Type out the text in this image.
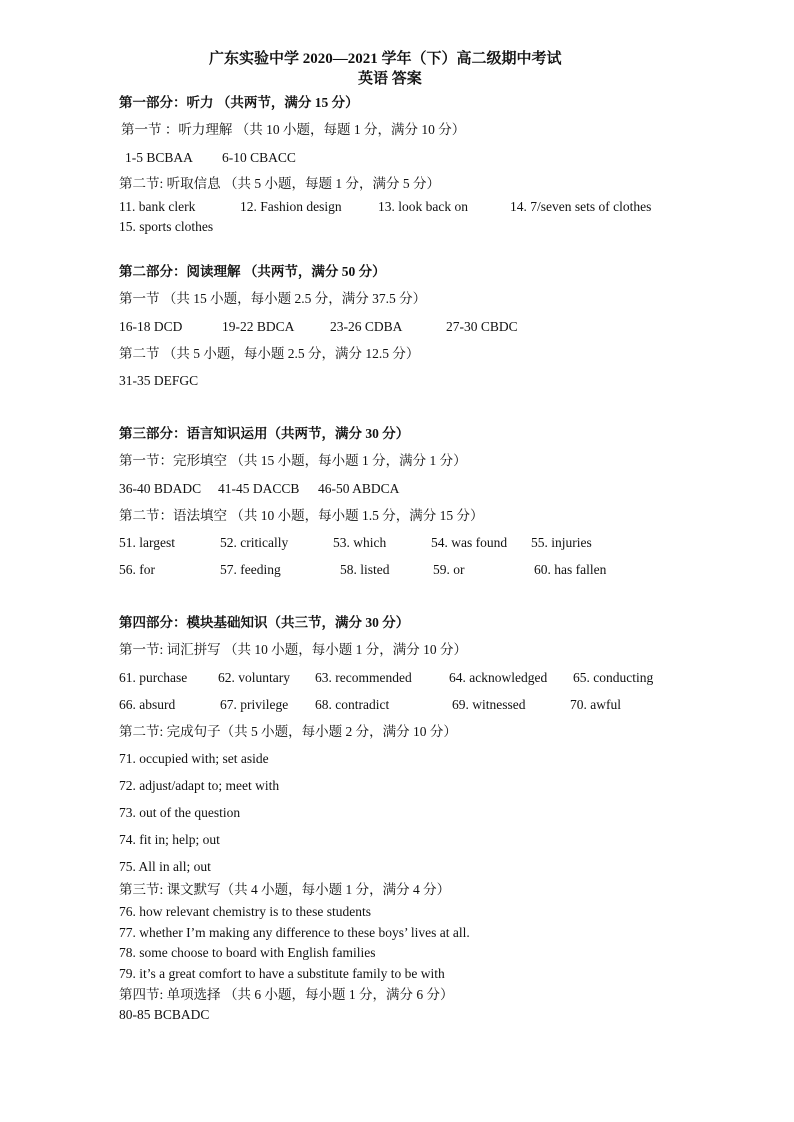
广东实验中学 2020—2021 学年（下）高二级期中考试
英语 答案
第一部分：听力 （共两节，满分 15 分）
第一节 ：听力理解 （共 10 小题，每题 1 分，满分 10 分）
1-5 BCBAA 6-10 CBACC
第二节: 听取信息 （共 5 小题，每题 1 分，满分 5 分）
11. bank clerk	12. Fashion design	13. look back on	14. 7/seven sets of clothes
15. sports clothes
第二部分：阅读理解 （共两节，满分 50 分）
第一节 （共 15 小题，每小题 2.5 分，满分 37.5 分）
16-18 DCD	19-22 BDCA	23-26 CDBA	27-30 CBDC
第二节 （共 5 小题，每小题 2.5 分，满分 12.5 分）
31-35 DEFGC
第三部分：语言知识运用（共两节，满分 30 分）
第一节：完形填空 （共 15 小题，每小题 1 分，满分 1 分）
36-40 BDADC 41-45 DACCB 46-50 ABDCA
第二节：语法填空 （共 10 小题，每小题 1.5 分，满分 15 分）
51. largest	52. critically	53. which	54. was found 55. injuries
56. for	57. feeding	58. listed	59. or	60. has fallen
第四部分：模块基础知识（共三节，满分 30 分）
第一节: 词汇拼写 （共 10 小题，每小题 1 分，满分 10 分）
61. purchase 62. voluntary 63. recommended	64. acknowledged 65. conducting
66. absurd	67. privilege 68. contradict	69. witnessed	70. awful
第二节: 完成句子（共 5 小题，每小题 2 分，满分 10 分）
71. occupied with; set aside
72. adjust/adapt to; meet with
73. out of the question
74. fit in; help; out
75. All in all; out
第三节: 课文默写（共 4 小题，每小题 1 分，满分 4 分）
76. how relevant chemistry is to these students
77. whether I’m making any difference to these boys’ lives at all.
78. some choose to board with English families
79. it’s a great comfort to have a substitute family to be with
第四节: 单项选择 （共 6 小题，每小题 1 分，满分 6 分）
80-85 BCBADC
